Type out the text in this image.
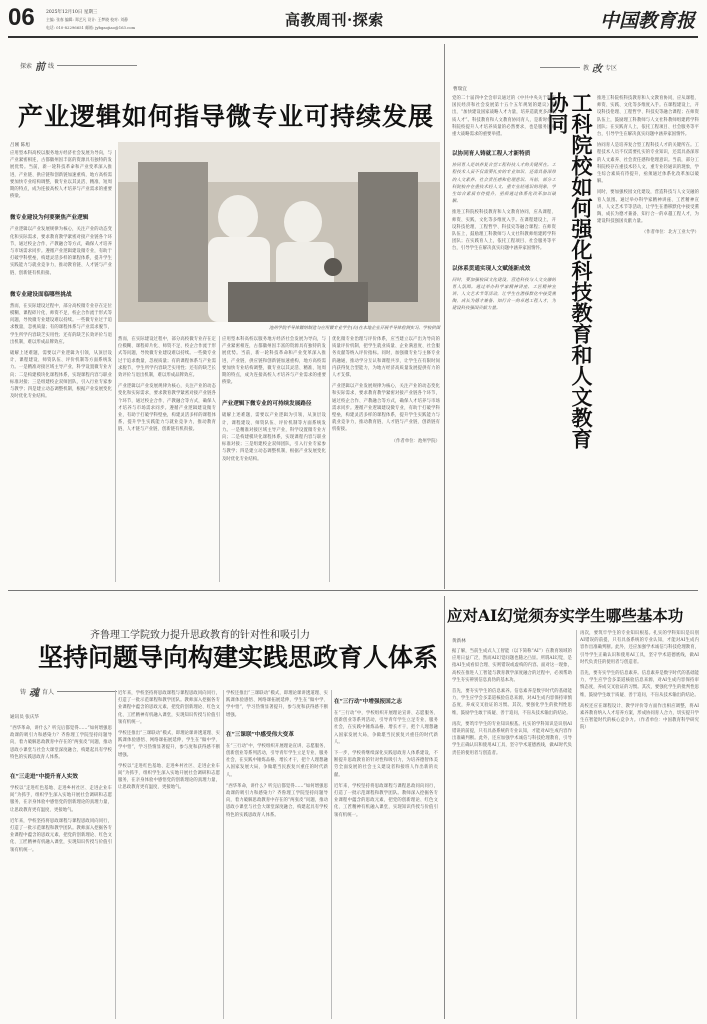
06	2025年12月10日 星期三
主编: 张春 编辑: 郑艺凡 设计: 王梦晓 校对: 刘静
电话: 010-82296651 邮箱: jybgaojiao@163.com	高教周刊·探索	中国教育报
探索 前 线
产业逻辑如何指导微专业可持续发展
吕刚 陈旭

应用型本科高校以服务地方经济社会发展为导向，与产业紧密相连，古都徽州因丰富的资源具有独特的发展优势。当前，新一轮科技革命和产业变革深入推进，产业链、供应链和创新链加速重构，地方高校需要加快专业结构调整，微专业以其灵活、精准、短周期的特点，成为连接高校人才培养与产业需求的重要桥梁。

微专业建设为何要聚焦产业逻辑

产业逻辑以产业发展规律为核心，关注产业的动态变化和实际需求，要求教育教学紧密对接产业链各个环节，通过校企合作、产教融合等方式，确保人才培养与市场需求同步。遵循产业逻辑建设微专业，有助于打破学科壁垒，构建灵活多样的课程体系，提升学生实践能力与就业竞争力，推动教育链、人才链与产业链、创新链有机衔接。

微专业建设面临哪些挑战

然而，在实际建设过程中，部分高校微专业存在定位模糊、课程碎片化、师资不足、校企合作流于形式等问题，导致微专业建设难以持续。一些微专业过于追求数量，忽视质量；有的课程体系与产业需求脱节，学生所学内容缺乏实用性；还有的缺乏长效评价与退出机制，难以形成品牌效应。

破解上述难题，需要以产业逻辑为引领，从顶层设计、课程建设、师资队伍、评价机制等方面系统发力。一是精准对接区域主导产业，科学设置微专业方向；二是构建模块化课程体系，实现课程内容与职业标准对接；三是组建校企双师团队，引入行业专家参与教学；四是建立动态调整机制，根据产业发展变化及时优化专业结构。

池州学院半导体微纳制造与应用微专业学生(右)在本地企业开展半导体检测实习。学校供图

然而，在实际建设过程中，部分高校微专业存在定位模糊、课程碎片化、师资不足、校企合作流于形式等问题，导致微专业建设难以持续。一些微专业过于追求数量，忽视质量；有的课程体系与产业需求脱节，学生所学内容缺乏实用性；还有的缺乏长效评价与退出机制，难以形成品牌效应。

产业逻辑以产业发展规律为核心，关注产业的动态变化和实际需求，要求教育教学紧密对接产业链各个环节，通过校企合作、产教融合等方式，确保人才培养与市场需求同步。遵循产业逻辑建设微专业，有助于打破学科壁垒，构建灵活多样的课程体系，提升学生实践能力与就业竞争力，推动教育链、人才链与产业链、创新链有机衔接。

应用型本科高校以服务地方经济社会发展为导向，与产业紧密相连，古都徽州因丰富的资源具有独特的发展优势。当前，新一轮科技革命和产业变革深入推进，产业链、供应链和创新链加速重构，地方高校需要加快专业结构调整，微专业以其灵活、精准、短周期的特点，成为连接高校人才培养与产业需求的重要桥梁。

产业逻辑下微专业的可持续发展路径

破解上述难题，需要以产业逻辑为引领，从顶层设计、课程建设、师资队伍、评价机制等方面系统发力。一是精准对接区域主导产业，科学设置微专业方向；二是构建模块化课程体系，实现课程内容与职业标准对接；三是组建校企双师团队，引入行业专家参与教学；四是建立动态调整机制，根据产业发展变化及时优化专业结构。

优化微专业治理与评价体系，应当建立以产出为导向的质量评价机制，把学生就业质量、企业满意度、社会服务贡献等纳入评价指标。同时，加强微专业与主修专业的融通，推动学分互认和课程共享，让学生在有限时间内获得复合型能力，为地方经济高质量发展提供有力的人才支撑。

产业逻辑以产业发展规律为核心，关注产业的动态变化和实际需求，要求教育教学紧密对接产业链各个环节，通过校企合作、产教融合等方式，确保人才培养与市场需求同步。遵循产业逻辑建设微专业，有助于打破学科壁垒，构建灵活多样的课程体系，提升学生实践能力与就业竞争力，推动教育链、人才链与产业链、创新链有机衔接。

（作者单位：池州学院）

教 改 专区
曹瑞宜

党的二十届四中全会审议通过的《中共中央关于制定国民经济和社会发展第十五个五年规划的建议》提出，“加快建设国家战略人才力量，培养造就更多高素质人才”。科技教育和人文教育协同育人，是新时代工科院校提升人才培养质量的必然要求，也是服务国家重大战略需求的重要举措。

以协同育人铸就工程人才新特质

协同育人是培养复合型工程科技人才的关键所在。工程技术人员不仅需要扎实的专业知识，还需具备深厚的人文素养、社会责任感和伦理意识。当前，部分工科院校存在重技术轻人文、重专业轻通识的现象，学生综合素质有待提升，亟须通过体系化改革加以破解。

推进工科院校科技教育和人文教育协同，应从课程、师资、实践、文化等多维度入手。在课程建设上，开设科技伦理、工程哲学、科技史等融合课程；在师资队伍上，鼓励理工科教师与人文社科教师组建跨学科团队；在实践育人上，依托工程项目、社会服务等平台，引导学生在解决真实问题中涵养家国情怀。

以体系贯通实现人文赋能新成效

同时，要加强校园文化建设，营造科技与人文交融的育人氛围。通过举办科学家精神讲座、工匠精神宣讲、人文艺术节等活动，让学生在潜移默化中接受熏陶，成长为德才兼备、知行合一的卓越工程人才，为建设科技强国贡献力量。	工科院校如何强化科技教育和人文教育协同	推进工科院校科技教育和人文教育协同，应从课程、师资、实践、文化等多维度入手。在课程建设上，开设科技伦理、工程哲学、科技史等融合课程；在师资队伍上，鼓励理工科教师与人文社科教师组建跨学科团队；在实践育人上，依托工程项目、社会服务等平台，引导学生在解决真实问题中涵养家国情怀。

协同育人是培养复合型工程科技人才的关键所在。工程技术人员不仅需要扎实的专业知识，还需具备深厚的人文素养、社会责任感和伦理意识。当前，部分工科院校存在重技术轻人文、重专业轻通识的现象，学生综合素质有待提升，亟须通过体系化改革加以破解。

同时，要加强校园文化建设，营造科技与人文交融的育人氛围。通过举办科学家精神讲座、工匠精神宣讲、人文艺术节等活动，让学生在潜移默化中接受熏陶，成长为德才兼备、知行合一的卓越工程人才，为建设科技强国贡献力量。

（作者单位：北方工业大学）

应对AI幻觉须夯实学生哪些基本功
齐鲁理工学院致力提升思政教育的针对性和吸引力
坚持问题导向构建实践思政育人体系
铸 魂 育人
通讯员 张庆华

“西华革命，讲什么？听完后都觉得……”如何增强思政课的吸引力和感染力？齐鲁理工学院坚持问题导向，着力破解思政教育中存在的“两张皮”问题，推动思政小课堂与社会大课堂深度融合，构建起具有学校特色的实践思政育人体系。

在“三走进”中提升育人实效

学校以“走进红色基地、走进乡村社区、走进企业车间”为抓手，组织学生深入实地开展社会调研和志愿服务，在亲身体验中感悟党的创新理论的真理力量，让思政教育更有温度、更接地气。

近年来，学校坚持将思政课程与课程思政同向同行，打造了一批示范课程和教学团队。教师深入挖掘各专业课程中蕴含的思政元素，把党的创新理论、红色文化、工匠精神有机融入课堂，实现知识传授与价值引领有机统一。

近年来，学校坚持将思政课程与课程思政同向同行，打造了一批示范课程和教学团队。教师深入挖掘各专业课程中蕴含的思政元素，把党的创新理论、红色文化、工匠精神有机融入课堂，实现知识传授与价值引领有机统一。

学校还推出“三课联动”模式，即理论课讲透道理、实践课体验感悟、网络课拓展延伸，学生在“做中学、学中悟”，学习热情显著提升，参与度和获得感不断增强。

学校以“走进红色基地、走进乡村社区、走进企业车间”为抓手，组织学生深入实地开展社会调研和志愿服务，在亲身体验中感悟党的创新理论的真理力量，让思政教育更有温度、更接地气。

学校还推出“三课联动”模式，即理论课讲透道理、实践课体验感悟、网络课拓展延伸，学生在“做中学、学中悟”，学习热情显著提升，参与度和获得感不断增强。

在“三课联”中感受伟大变革

在“三行动”中，学校组织开展理论宣讲、志愿服务、创新创业等系列活动，引导青年学生立足专业、服务社会，在实践中锤炼品格、增长才干，把个人理想融入国家发展大局，争做堪当民族复兴重任的时代新人。

“西华革命，讲什么？听完后都觉得……”如何增强思政课的吸引力和感染力？齐鲁理工学院坚持问题导向，着力破解思政教育中存在的“两张皮”问题，推动思政小课堂与社会大课堂深度融合，构建起具有学校特色的实践思政育人体系。

在“三行动”中增强报国之志

在“三行动”中，学校组织开展理论宣讲、志愿服务、创新创业等系列活动，引导青年学生立足专业、服务社会，在实践中锤炼品格、增长才干，把个人理想融入国家发展大局，争做堪当民族复兴重任的时代新人。

下一步，学校将继续深化实践思政育人体系建设，不断提升思政教育的针对性和吸引力，为培养德智体美劳全面发展的社会主义建设者和接班人作出新的贡献。

近年来，学校坚持将思政课程与课程思政同向同行，打造了一批示范课程和教学团队。教师深入挖掘各专业课程中蕴含的思政元素，把党的创新理论、红色文化、工匠精神有机融入课堂，实现知识传授与价值引领有机统一。

黄新林

据了解，当前生成式人工智能（以下简称“AI”）在教育领域的应用日益广泛，然而AI幻觉问题也随之凸显。所谓AI幻觉，是指AI生成看似合理、实则错误或虚构的内容。面对这一现象，高校在推进人工智能与教育教学深度融合的过程中，必须帮助学生夯实辨别信息真伪的基本功。

首先，要夯实学生的信息素养。信息素养是数字时代的基础能力，学生应学会多渠道核验信息来源，对AI生成内容保持审慎态度，养成交叉验证的习惯。其次，要强化学生的批判性思维，鼓励学生敢于质疑、善于追问，不盲从技术输出的结论。

再次，要筑牢学生的专业知识根基。扎实的学科知识是识别AI错误的前提，只有具备系统的专业认知，才能对AI生成内容作出准确判断。此外，还应加强学术诚信与科技伦理教育，引导学生正确认识和使用AI工具，坚守学术道德底线，做AI时代负责任的使用者与创造者。

再次，要筑牢学生的专业知识根基。扎实的学科知识是识别AI错误的前提，只有具备系统的专业认知，才能对AI生成内容作出准确判断。此外，还应加强学术诚信与科技伦理教育，引导学生正确认识和使用AI工具，坚守学术道德底线，做AI时代负责任的使用者与创造者。

首先，要夯实学生的信息素养。信息素养是数字时代的基础能力，学生应学会多渠道核验信息来源，对AI生成内容保持审慎态度，养成交叉验证的习惯。其次，要强化学生的批判性思维，鼓励学生敢于质疑、善于追问，不盲从技术输出的结论。

高校还应在课程设计、教学评价等方面作出相应调整，将AI素养教育纳入人才培养方案，形成协同育人合力，切实提升学生在智能时代的核心竞争力。（作者单位：中国教育科学研究院）
